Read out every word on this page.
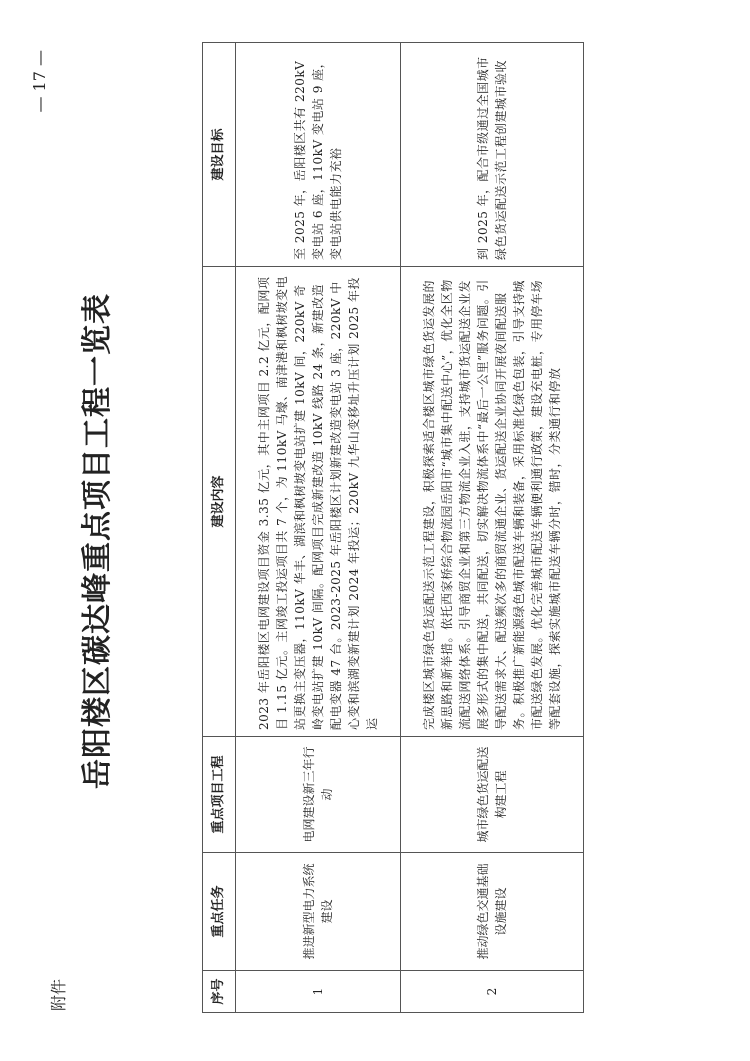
附件
岳阳楼区碳达峰重点项目工程一览表
— 17 —
序号	重点任务	重点项目工程	建设内容	建设目标
1	推进新型电力系统建设	电网建设新三年行动	2023 年岳阳楼区电网建设项目资金 3.35 亿元，其中主网项目 2.2 亿元，配网项目 1.15 亿元。主网竣工投运项目共 7 个，为 110kV 马壕、南津港和枫树坡变电站更换主变压器，110kV 华丰、湖滨和枫树坡变电站扩建 10kV 间，220kV 奇岭变电站扩建 10kV 间隔。配网项目完成新建改造 10kV 线路 24 条，新建改造配电变器 47 台。2023-2025 年岳阳楼区计划新建改造变电站 3 座，220kV 中心变和滨湖变新建计划 2024 年投运；220kV 九华山变移址升压计划 2025 年投运	至 2025 年，岳阳楼区共有 220kV 变电站 6 座，110kV 变电站 9 座，变电站供电能力充裕
2	推动绿色交通基础设施建设	城市绿色货运配送构建工程	完成楼区城市绿色货运配送示范工程建设，积极探索适合楼区城市绿色货运发展的新思路和新举措。依托西家桥综合物流园岳阳市“城市集中配送中心”，优化全区物流配送网络体系。引导商贸企业和第三方物流企业入驻，支持城市货运配送企业发展多形式的集中配送，共同配送，切实解决物流体系中“最后一公里”服务问题。引导配送需求大、配送频次多的商贸流通企业、货运配送企业协同开展夜间配送服务。积极推广新能源绿色城市配送车辆和装备，采用标准化绿色包装，引导支持城市配送绿色发展。优化完善城市配送车辆便利通行政策，建设充电桩，专用停车场等配套设施，探索实施城市配送车辆分时，错时，分类通行和停放	到 2025 年，配合市级通过全国城市绿色货运配送示范工程创建城市验收
